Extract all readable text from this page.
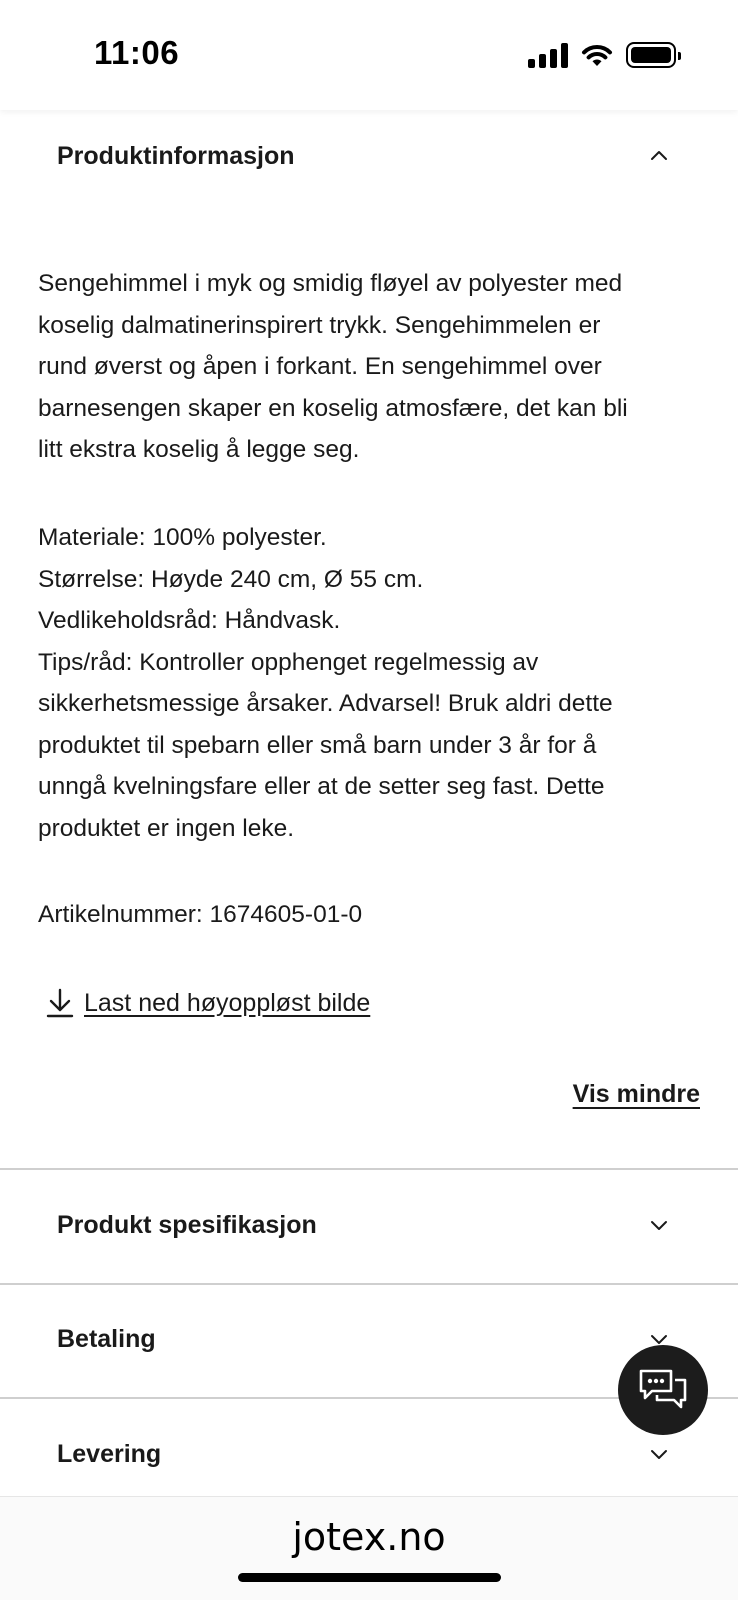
11:06
Produktinformasjon
Sengehimmel i myk og smidig fløyel av polyester med
koselig dalmatinerinspirert trykk. Sengehimmelen er
rund øverst og åpen i forkant. En sengehimmel over
barnesengen skaper en koselig atmosfære, det kan bli
litt ekstra koselig å legge seg.
Materiale: 100% polyester.
Størrelse: Høyde 240 cm, Ø 55 cm.
Vedlikeholdsråd: Håndvask.
Tips/råd: Kontroller opphenget regelmessig av
sikkerhetsmessige årsaker. Advarsel! Bruk aldri dette
produktet til spebarn eller små barn under 3 år for å
unngå kvelningsfare eller at de setter seg fast. Dette
produktet er ingen leke.
Artikelnummer: 1674605-01-0
Last ned høyoppløst bilde
Vis mindre
Produkt spesifikasjon
Betaling
Levering
jotex.no
